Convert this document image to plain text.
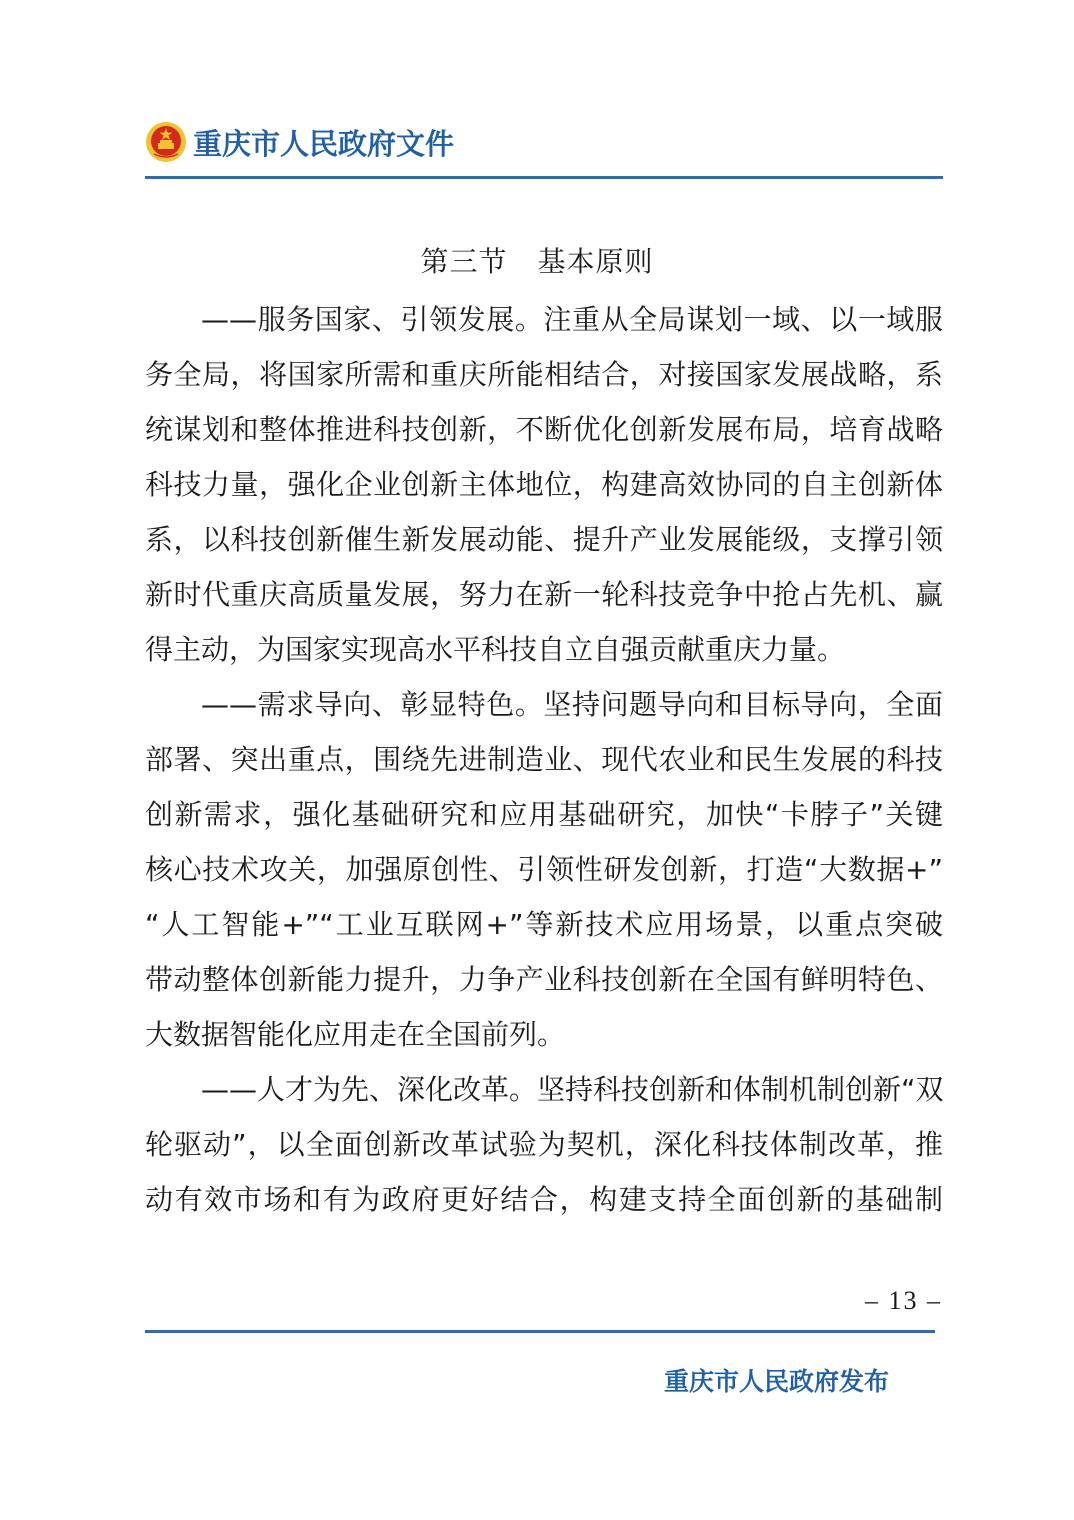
重庆市人民政府文件
第三节 基本原则
——服务国家、引领发展。注重从全局谋划一域、以一域服
务全局，将国家所需和重庆所能相结合，对接国家发展战略，系
统谋划和整体推进科技创新，不断优化创新发展布局，培育战略
科技力量，强化企业创新主体地位，构建高效协同的自主创新体
系，以科技创新催生新发展动能、提升产业发展能级，支撑引领
新时代重庆高质量发展，努力在新一轮科技竞争中抢占先机、赢
得主动，为国家实现高水平科技自立自强贡献重庆力量。
——需求导向、彰显特色。坚持问题导向和目标导向，全面
部署、突出重点，围绕先进制造业、现代农业和民生发展的科技
创新需求，强化基础研究和应用基础研究，加快“卡脖子”关键
核心技术攻关，加强原创性、引领性研发创新，打造“大数据+”
“人工智能+”“工业互联网+”等新技术应用场景，以重点突破
带动整体创新能力提升，力争产业科技创新在全国有鲜明特色、
大数据智能化应用走在全国前列。
——人才为先、深化改革。坚持科技创新和体制机制创新“双
轮驱动”，以全面创新改革试验为契机，深化科技体制改革，推
动有效市场和有为政府更好结合，构建支持全面创新的基础制
– 13 –
重庆市人民政府发布
